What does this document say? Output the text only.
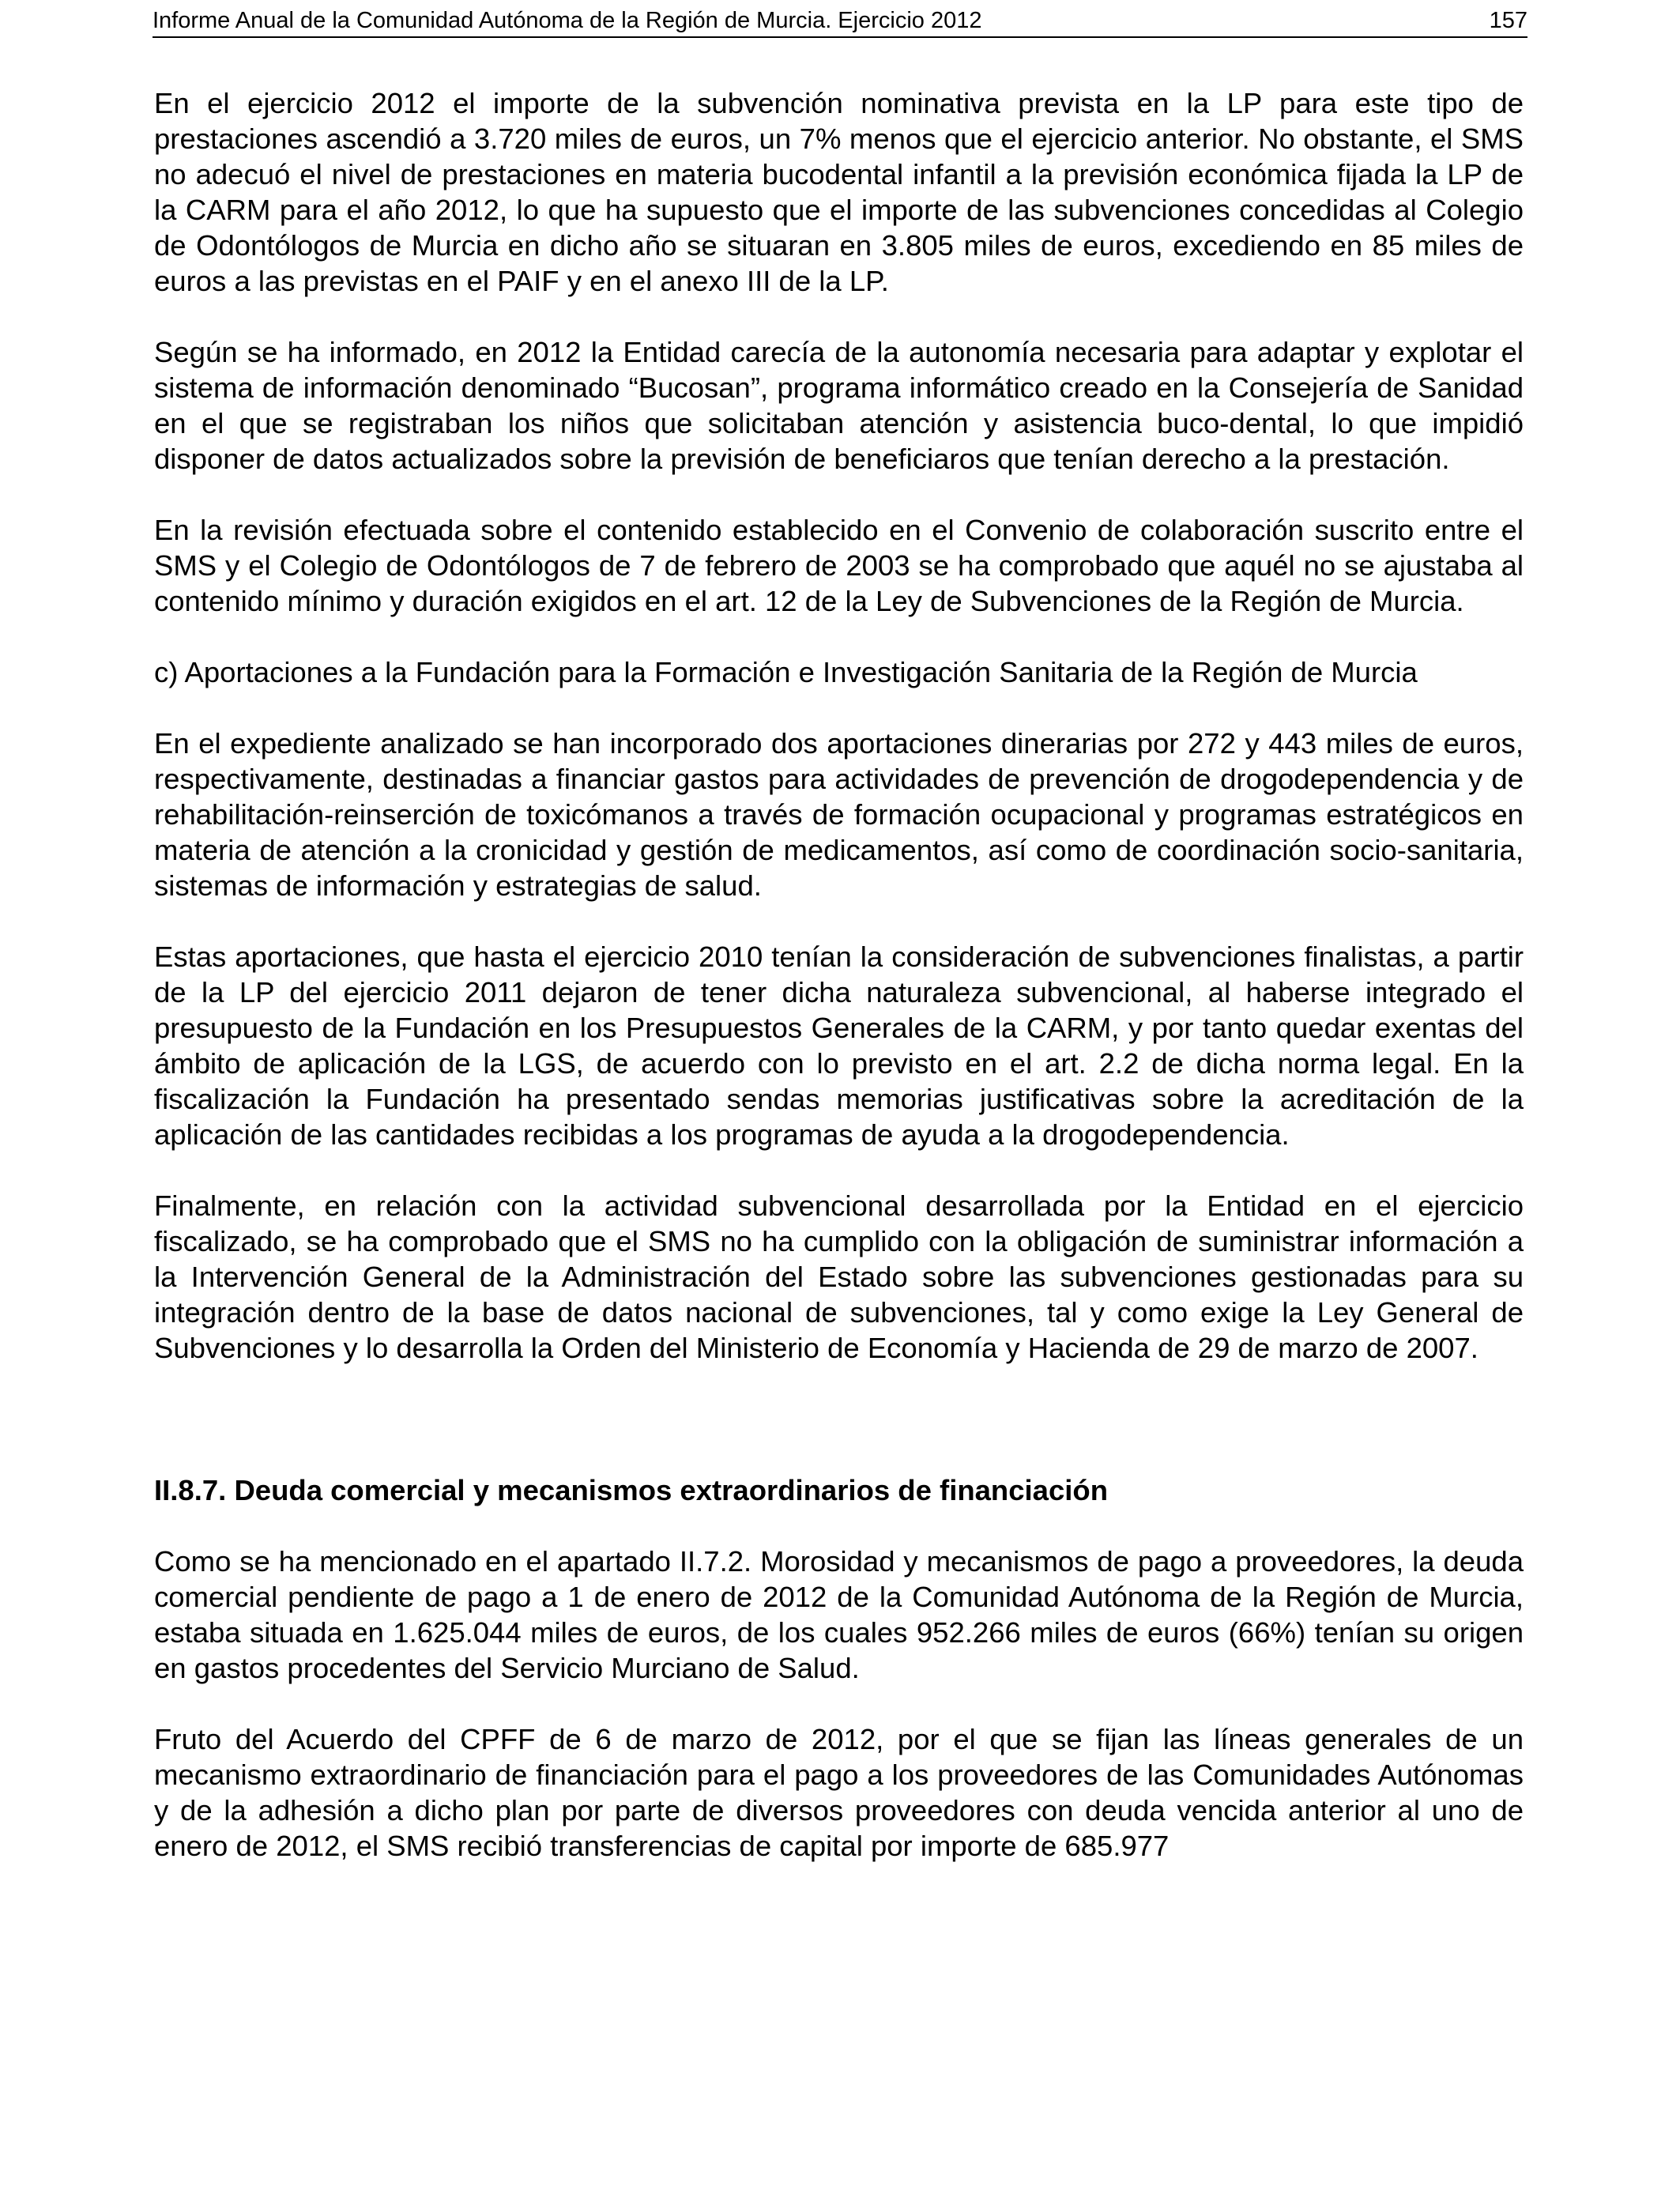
Informe Anual de la Comunidad Autónoma de la Región de Murcia. Ejercicio 2012	157

En el ejercicio 2012 el importe de la subvención nominativa prevista en la LP para este tipo de prestaciones ascendió a 3.720 miles de euros, un 7% menos que el ejercicio anterior. No obstante, el SMS no adecuó el nivel de prestaciones en materia bucodental infantil a la previsión económica fijada la LP de la CARM para el año 2012, lo que ha supuesto que el importe de las subvenciones concedidas al Colegio de Odontólogos de Murcia en dicho año se situaran en 3.805 miles de euros, excediendo en 85 miles de euros a las previstas en el PAIF y en el anexo III de la LP.

Según se ha informado, en 2012 la Entidad carecía de la autonomía necesaria para adaptar y explotar el sistema de información denominado “Bucosan”, programa informático creado en la Consejería de Sanidad en el que se registraban los niños que solicitaban atención y asistencia buco-dental, lo que impidió disponer de datos actualizados sobre la previsión de beneficiaros que tenían derecho a la prestación.

En la revisión efectuada sobre el contenido establecido en el Convenio de colaboración suscrito entre el SMS y el Colegio de Odontólogos de 7 de febrero de 2003 se ha comprobado que aquél no se ajustaba al contenido mínimo y duración exigidos en el art. 12 de la Ley de Subvenciones de la Región de Murcia.

c) Aportaciones a la Fundación para la Formación e Investigación Sanitaria de la Región de Murcia

En el expediente analizado se han incorporado dos aportaciones dinerarias por 272 y 443 miles de euros, respectivamente, destinadas a financiar gastos para actividades de prevención de drogodependencia y de rehabilitación-reinserción de toxicómanos a través de formación ocupacional y programas estratégicos en materia de atención a la cronicidad y gestión de medicamentos, así como de coordinación socio-sanitaria, sistemas de información y estrategias de salud.

Estas aportaciones, que hasta el ejercicio 2010 tenían la consideración de subvenciones finalistas, a partir de la LP del ejercicio 2011 dejaron de tener dicha naturaleza subvencional, al haberse integrado el presupuesto de la Fundación en los Presupuestos Generales de la CARM, y por tanto quedar exentas del ámbito de aplicación de la LGS, de acuerdo con lo previsto en el art. 2.2 de dicha norma legal. En la fiscalización la Fundación ha presentado sendas memorias justificativas sobre la acreditación de la aplicación de las cantidades recibidas a los programas de ayuda a la drogodependencia.

Finalmente, en relación con la actividad subvencional desarrollada por la Entidad en el ejercicio fiscalizado, se ha comprobado que el SMS no ha cumplido con la obligación de suministrar información a la Intervención General de la Administración del Estado sobre las subvenciones gestionadas para su integración dentro de la base de datos nacional de subvenciones, tal y como exige la Ley General de Subvenciones y lo desarrolla la Orden del Ministerio de Economía y Hacienda de 29 de marzo de 2007.

II.8.7. Deuda comercial y mecanismos extraordinarios de financiación

Como se ha mencionado en el apartado II.7.2. Morosidad y mecanismos de pago a proveedores, la deuda comercial pendiente de pago a 1 de enero de 2012 de la Comunidad Autónoma de la Región de Murcia, estaba situada en 1.625.044 miles de euros, de los cuales 952.266 miles de euros (66%) tenían su origen en gastos procedentes del Servicio Murciano de Salud.

Fruto del Acuerdo del CPFF de 6 de marzo de 2012, por el que se fijan las líneas generales de un mecanismo extraordinario de financiación para el pago a los proveedores de las Comunidades Autónomas y de la adhesión a dicho plan por parte de diversos proveedores con deuda vencida anterior al uno de enero de 2012, el SMS recibió transferencias de capital por importe de 685.977
